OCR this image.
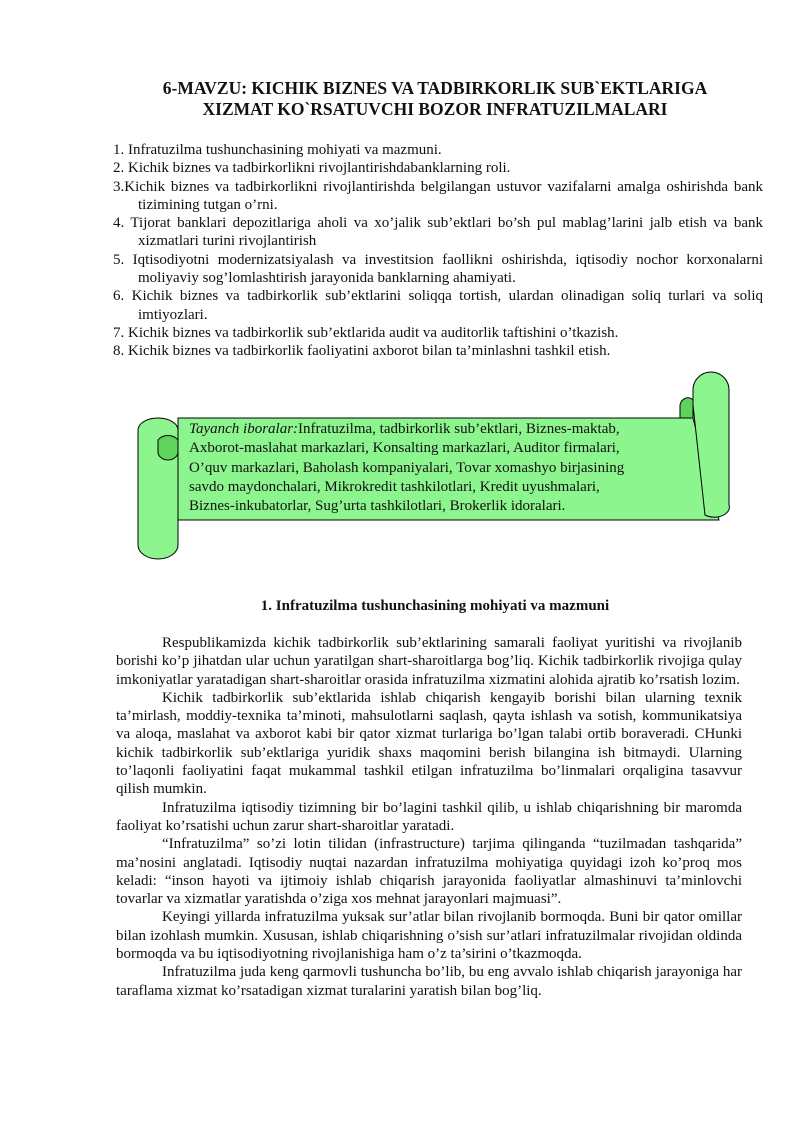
6-MAVZU: KICHIK BIZNES VA TADBIRKORLIK SUB`EKTLARIGA
XIZMAT KO`RSATUVCHI BOZOR INFRATUZILMALARI
1. Infratuzilma tushunchasining mohiyati va mazmuni.
2. Kichik biznes va tadbirkorlikni rivojlantirishdabanklarning roli.
3.Kichik biznes va tadbirkorlikni rivojlantirishda belgilangan ustuvor vazifalarni amalga oshirishda bank tizimining tutgan o’rni.
4. Tijorat banklari depozitlariga aholi va xo’jalik sub’ektlari bo’sh pul mablag’larini jalb etish va bank xizmatlari turini rivojlantirish
5. Iqtisodiyotni modernizatsiyalash va investitsion faollikni oshirishda, iqtisodiy nochor korxonalarni moliyaviy sog’lomlashtirish jarayonida banklarning ahamiyati.
6. Kichik biznes va tadbirkorlik sub’ektlarini soliqqa tortish, ulardan olinadigan soliq turlari va soliq imtiyozlari.
7. Kichik biznes va tadbirkorlik sub’ektlarida audit va auditorlik taftishini o’tkazish.
8. Kichik biznes va tadbirkorlik faoliyatini axborot bilan ta’minlashni tashkil etish.
Tayanch iboralar:Infratuzilma, tadbirkorlik sub’ektlari, Biznes-maktab,
Axborot-maslahat markazlari, Konsalting markazlari, Auditor firmalari,
O’quv markazlari, Baholash kompaniyalari, Tovar xomashyo birjasining
savdo maydonchalari, Mikrokredit tashkilotlari, Kredit uyushmalari,
Biznes-inkubatorlar, Sug’urta tashkilotlari, Brokerlik idoralari.
1. Infratuzilma tushunchasining mohiyati va mazmuni

Respublikamizda kichik tadbirkorlik sub’ektlarining samarali faoliyat yuritishi va rivojlanib borishi ko’p jihatdan ular uchun yaratilgan shart-sharoitlarga bog’liq. Kichik tadbirkorlik rivojiga qulay imkoniyatlar yaratadigan shart-sharoitlar orasida infratuzilma xizmatini alohida ajratib ko’rsatish lozim.

Kichik tadbirkorlik sub’ektlarida ishlab chiqarish kengayib borishi bilan ularning texnik ta’mirlash, moddiy-texnika ta’minoti, mahsulotlarni saqlash, qayta ishlash va sotish, kommunikatsiya va aloqa, maslahat va axborot kabi bir qator xizmat turlariga bo’lgan talabi ortib boraveradi. CHunki kichik tadbirkorlik sub’ektlariga yuridik shaxs maqomini berish bilangina ish bitmaydi. Ularning to’laqonli faoliyatini faqat mukammal tashkil etilgan infratuzilma bo’linmalari orqaligina tasavvur qilish mumkin.

Infratuzilma iqtisodiy tizimning bir bo’lagini tashkil qilib, u ishlab chiqarishning bir maromda faoliyat ko’rsatishi uchun zarur shart-sharoitlar yaratadi.

“Infratuzilma” so’zi lotin tilidan (infrastructure) tarjima qilinganda “tuzilmadan tashqarida” ma’nosini anglatadi. Iqtisodiy nuqtai nazardan infratuzilma mohiyatiga quyidagi izoh ko’proq mos keladi: “inson hayoti va ijtimoiy ishlab chiqarish jarayonida faoliyatlar almashinuvi ta’minlovchi tovarlar va xizmatlar yaratishda o’ziga xos mehnat jarayonlari majmuasi”.

Keyingi yillarda infratuzilma yuksak sur’atlar bilan rivojlanib bormoqda. Buni bir qator omillar bilan izohlash mumkin. Xususan, ishlab chiqarishning o’sish sur’atlari infratuzilmalar rivojidan oldinda bormoqda va bu iqtisodiyotning rivojlanishiga ham o’z ta’sirini o’tkazmoqda.

Infratuzilma juda keng qarmovli tushuncha bo’lib, bu eng avvalo ishlab chiqarish jarayoniga har taraflama xizmat ko’rsatadigan xizmat turalarini yaratish bilan bog’liq.
